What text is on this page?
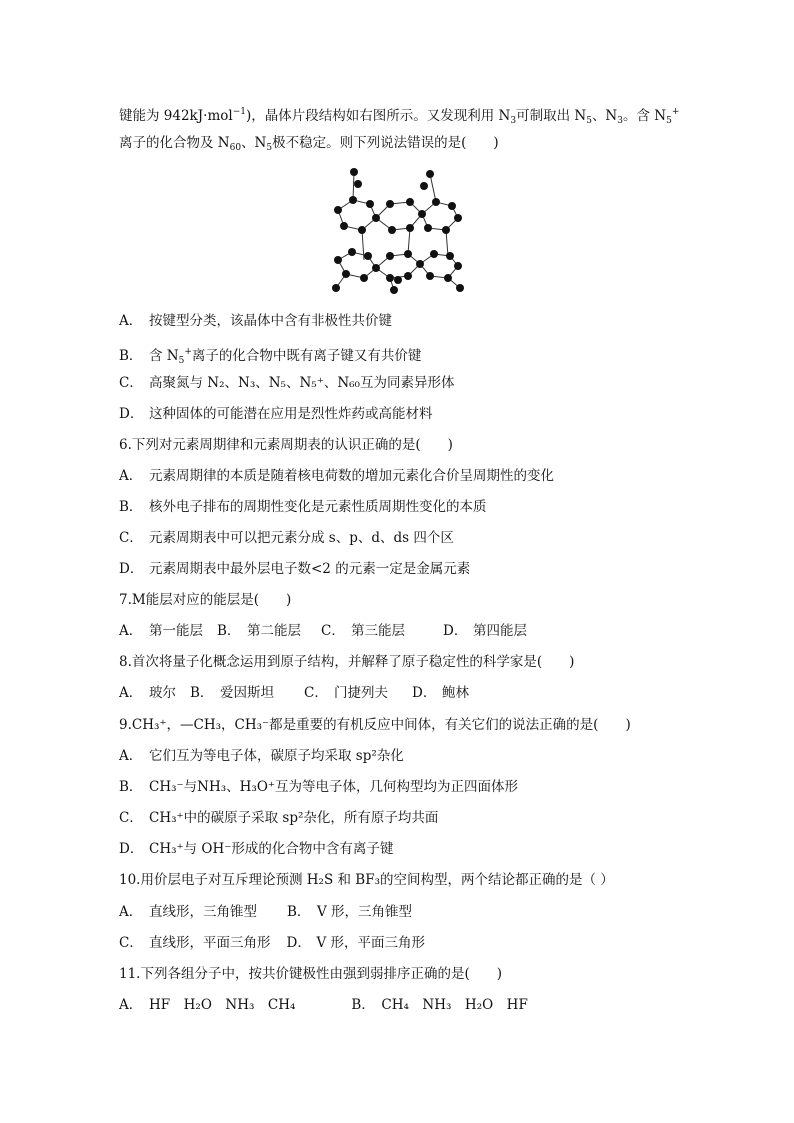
键能为 942kJ·mol$^{-1}$)，晶体片段结构如右图所示。又发现利用 $N_3$可制取出 $N_5$、$N_3$。含 $N_5^+$
离子的化合物及 $N_{60}$、$N_5$极不稳定。则下列说法错误的是(　　)
A． 按键型分类，该晶体中含有非极性共价键
B． 含 $N_5^+$离子的化合物中既有离子键又有共价键
C． 高聚氮与 N₂、N₃、N₅、N₅⁺、N₆₀互为同素异形体
D． 这种固体的可能潜在应用是烈性炸药或高能材料
6.下列对元素周期律和元素周期表的认识正确的是(　　)
A． 元素周期律的本质是随着核电荷数的增加元素化合价呈周期性的变化
B． 核外电子排布的周期性变化是元素性质周期性变化的本质
C． 元素周期表中可以把元素分成 s、p、d、ds 四个区
D． 元素周期表中最外层电子数<2 的元素一定是金属元素
7.M能层对应的能层是(　　)
A． 第一能层 B． 第二能层 C． 第三能层	D． 第四能层
8.首次将量子化概念运用到原子结构，并解释了原子稳定性的科学家是(　　)
A． 玻尔 B． 爱因斯坦 C． 门捷列夫 D． 鲍林
9.CH₃⁺，—CH₃，CH₃⁻都是重要的有机反应中间体，有关它们的说法正确的是(　　)
A． 它们互为等电子体，碳原子均采取 sp²杂化
B． CH₃⁻与NH₃、H₃O⁺互为等电子体，几何构型均为正四面体形
C． CH₃⁺中的碳原子采取 sp²杂化，所有原子均共面
D． CH₃⁺与 OH⁻形成的化合物中含有离子键
10.用价层电子对互斥理论预测 H₂S 和 BF₃的空间构型，两个结论都正确的是（ ）
A． 直线形，三角锥型 B． V 形，三角锥型
C． 直线形，平面三角形 D． V 形，平面三角形
11.下列各组分子中，按共价键极性由强到弱排序正确的是(　　)
A． HF　H₂O　NH₃　CH₄	B． CH₄　NH₃　H₂O　HF
